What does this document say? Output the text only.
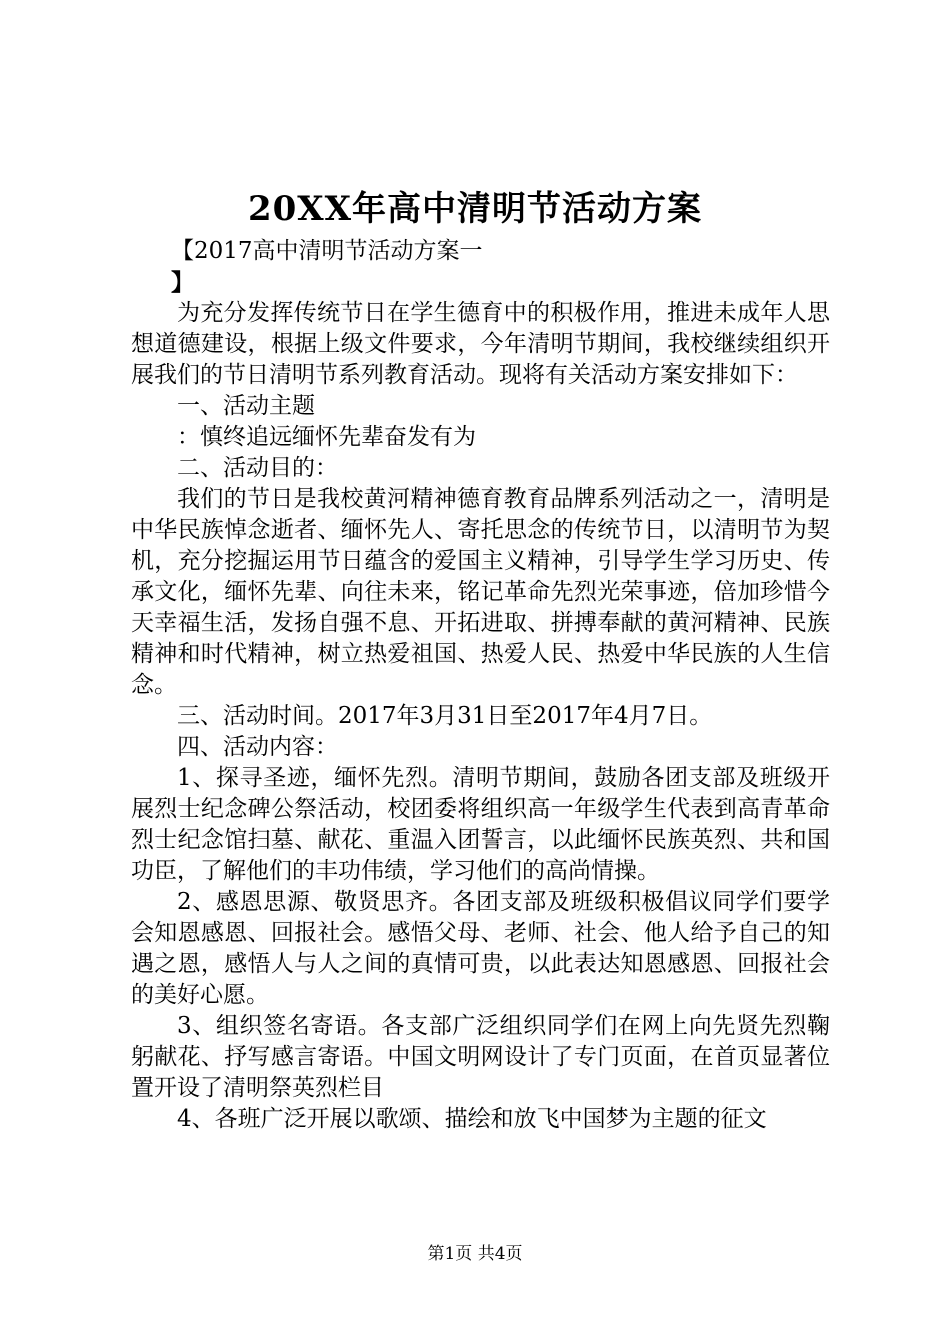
20XX年高中清明节活动方案

【2017高中清明节活动方案一

】

为充分发挥传统节日在学生德育中的积极作用，推进未成年人思想道德建设，根据上级文件要求，今年清明节期间，我校继续组织开展我们的节日清明节系列教育活动。现将有关活动方案安排如下：

一、活动主题

：慎终追远缅怀先辈奋发有为

二、活动目的：

我们的节日是我校黄河精神德育教育品牌系列活动之一，清明是中华民族悼念逝者、缅怀先人、寄托思念的传统节日，以清明节为契机，充分挖掘运用节日蕴含的爱国主义精神，引导学生学习历史、传承文化，缅怀先辈、向往未来，铭记革命先烈光荣事迹，倍加珍惜今天幸福生活，发扬自强不息、开拓进取、拼搏奉献的黄河精神、民族精神和时代精神，树立热爱祖国、热爱人民、热爱中华民族的人生信念。

三、活动时间。2017年3月31日至2017年4月7日。

四、活动内容：

1、探寻圣迹，缅怀先烈。清明节期间，鼓励各团支部及班级开展烈士纪念碑公祭活动，校团委将组织高一年级学生代表到高青革命烈士纪念馆扫墓、献花、重温入团誓言，以此缅怀民族英烈、共和国功臣，了解他们的丰功伟绩，学习他们的高尚情操。

2、感恩思源、敬贤思齐。各团支部及班级积极倡议同学们要学会知恩感恩、回报社会。感悟父母、老师、社会、他人给予自己的知遇之恩，感悟人与人之间的真情可贵，以此表达知恩感恩、回报社会的美好心愿。

3、组织签名寄语。各支部广泛组织同学们在网上向先贤先烈鞠躬献花、抒写感言寄语。中国文明网设计了专门页面，在首页显著位置开设了清明祭英烈栏目

4、各班广泛开展以歌颂、描绘和放飞中国梦为主题的征文

第1页 共4页
